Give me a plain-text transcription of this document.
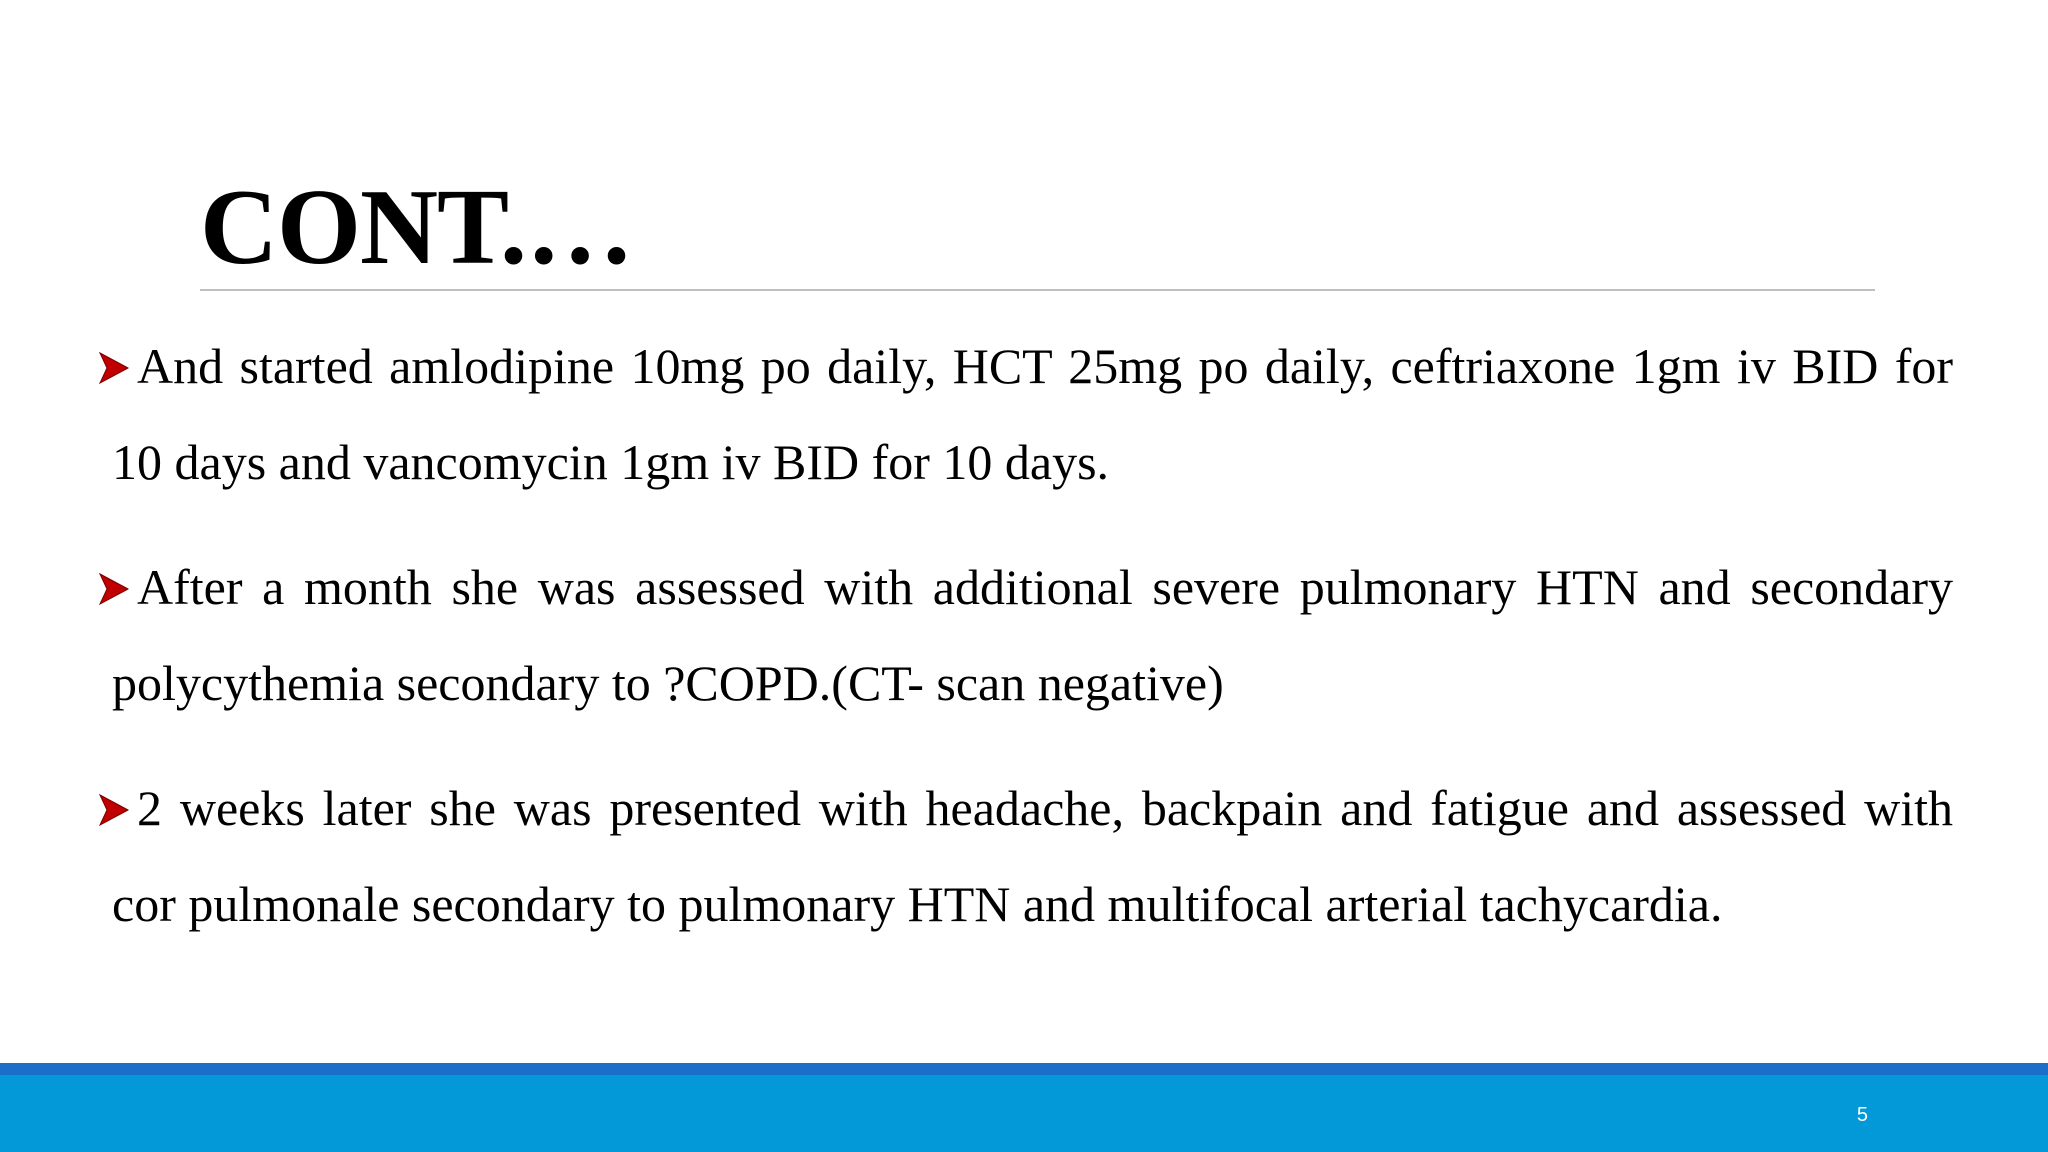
CONT.…

And started amlodipine 10mg po daily, HCT 25mg po daily, ceftriaxone 1gm iv BID for 10 days and vancomycin 1gm iv BID for 10 days.

After a month she was assessed with additional severe pulmonary HTN and secondary polycythemia secondary to ?COPD.(CT- scan negative)

2 weeks later she was presented with headache, backpain and fatigue and assessed with cor pulmonale secondary to pulmonary HTN and multifocal arterial tachycardia.

5
